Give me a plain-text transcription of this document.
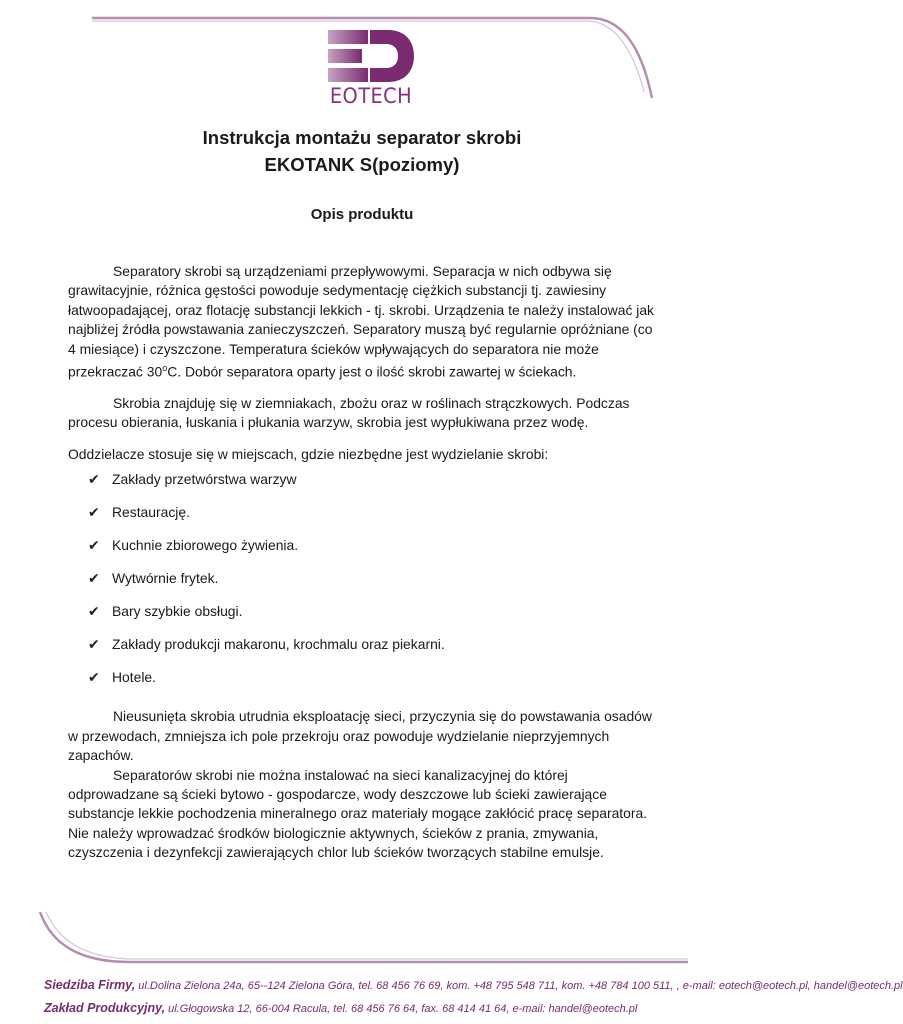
EOTECH
Instrukcja montażu separator skrobi
EKOTANK S(poziomy)
Opis produktu

Separatory skrobi są urządzeniami przepływowymi. Separacja w nich odbywa się grawitacyjnie, różnica gęstości powoduje sedymentację ciężkich substancji tj. zawiesiny łatwoopadającej, oraz flotację substancji lekkich - tj. skrobi. Urządzenia te należy instalować jak najbliżej źródła powstawania zanieczyszczeń. Separatory muszą być regularnie opróżniane (co 4 miesiące) i czyszczone. Temperatura ścieków wpływających do separatora nie może przekraczać 30$^o$C. Dobór separatora oparty jest o ilość skrobi zawartej w ściekach.

Skrobia znajduję się w ziemniakach, zbożu oraz w roślinach strączkowych. Podczas procesu obierania, łuskania i płukania warzyw, skrobia jest wypłukiwana przez wodę.

Oddzielacze stosuje się w miejscach, gdzie niezbędne jest wydzielanie skrobi:

✔ Zakłady przetwórstwa warzyw
✔ Restaurację.
✔ Kuchnie zbiorowego żywienia.
✔ Wytwórnie frytek.
✔ Bary szybkie obsługi.
✔ Zakłady produkcji makaronu, krochmalu oraz piekarni.
✔ Hotele.

Nieusunięta skrobia utrudnia eksploatację sieci, przyczynia się do powstawania osadów w przewodach, zmniejsza ich pole przekroju oraz powoduje wydzielanie nieprzyjemnych zapachów.

Separatorów skrobi nie można instalować na sieci kanalizacyjnej do której odprowadzane są ścieki bytowo - gospodarcze, wody deszczowe lub ścieki zawierające substancje lekkie pochodzenia mineralnego oraz materiały mogące zakłócić pracę separatora. Nie należy wprowadzać środków biologicznie aktywnych, ścieków z prania, zmywania, czyszczenia i dezynfekcji zawierających chlor lub ścieków tworzących stabilne emulsje.

Siedziba Firmy, ul.Dolina Zielona 24a, 65--124 Zielona Góra, tel. 68 456 76 69, kom. +48 795 548 711, kom. +48 784 100 511, , e-mail: eotech@eotech.pl, handel@eotech.pl
Zakład Produkcyjny, ul.Głogowska 12, 66-004 Racula, tel. 68 456 76 64, fax. 68 414 41 64, e-mail: handel@eotech.pl
